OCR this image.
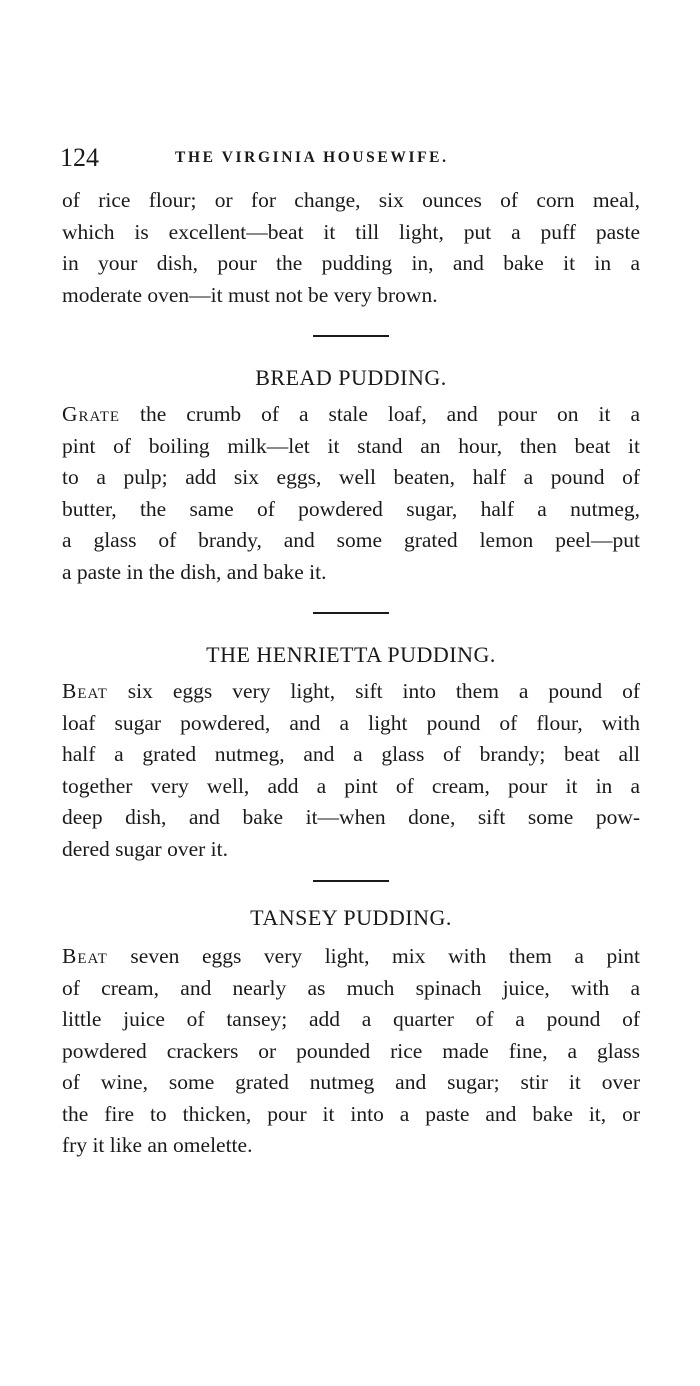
124	THE VIRGINIA HOUSEWIFE.
of rice flour; or for change, six ounces of corn meal,
which is excellent—beat it till light, put a puff paste
in your dish, pour the pudding in, and bake it in a
moderate oven—it must not be very brown.
BREAD PUDDING.
Grate the crumb of a stale loaf, and pour on it a
pint of boiling milk—let it stand an hour, then beat it
to a pulp; add six eggs, well beaten, half a pound of
butter, the same of powdered sugar, half a nutmeg,
a glass of brandy, and some grated lemon peel—put
a paste in the dish, and bake it.
THE HENRIETTA PUDDING.
Beat six eggs very light, sift into them a pound of
loaf sugar powdered, and a light pound of flour, with
half a grated nutmeg, and a glass of brandy; beat all
together very well, add a pint of cream, pour it in a
deep dish, and bake it—when done, sift some pow-
dered sugar over it.
TANSEY PUDDING.
Beat seven eggs very light, mix with them a pint
of cream, and nearly as much spinach juice, with a
little juice of tansey; add a quarter of a pound of
powdered crackers or pounded rice made fine, a glass
of wine, some grated nutmeg and sugar; stir it over
the fire to thicken, pour it into a paste and bake it, or
fry it like an omelette.
